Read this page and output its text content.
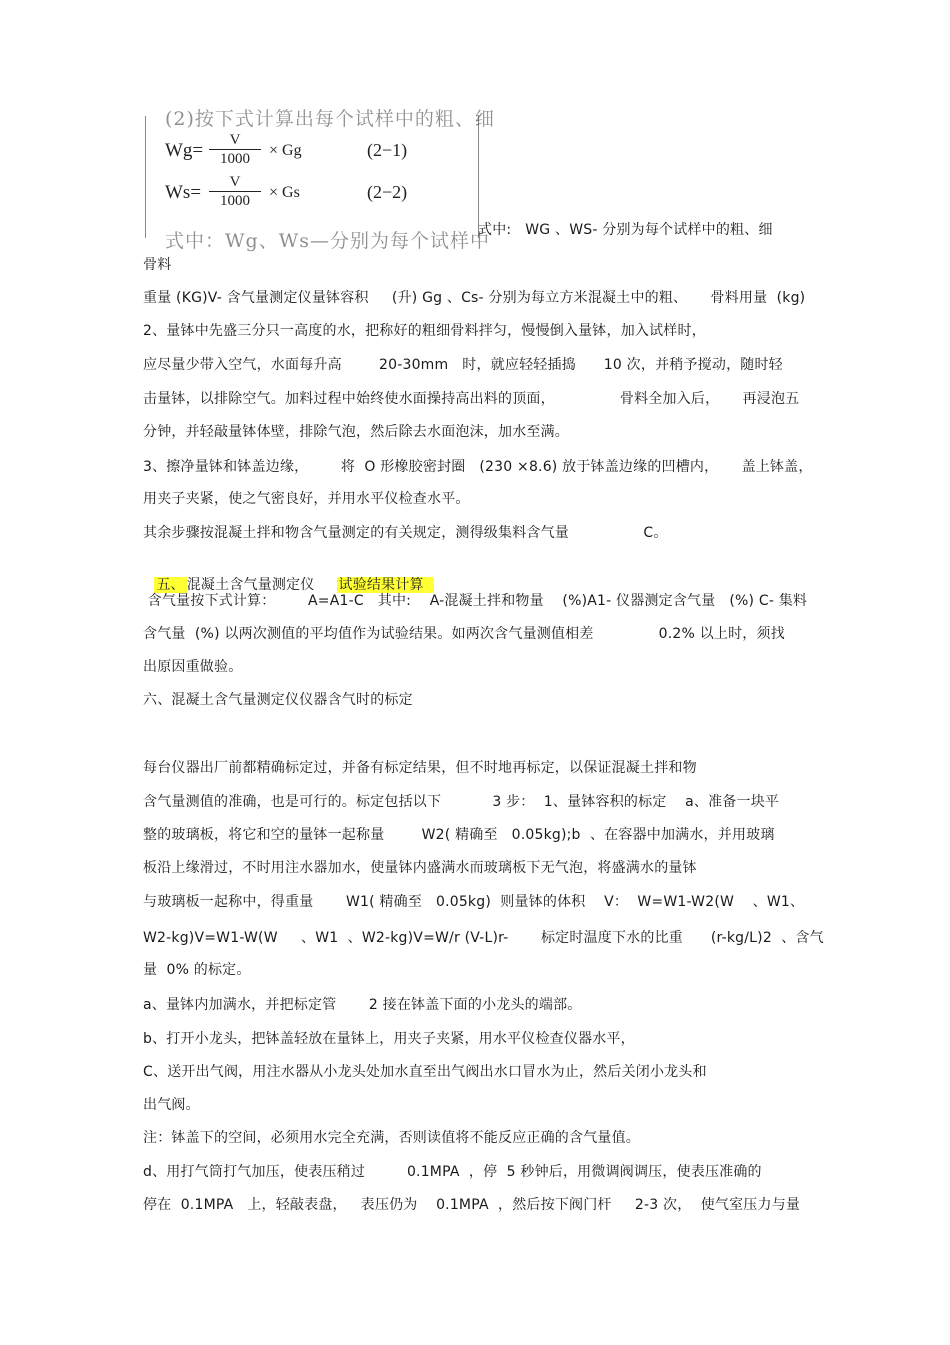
(2)按下式计算出每个试样中的粗、细
Wg=	V
1000	× Gg	(2−1)
Ws=	V
1000	× Gs	(2−2)
式中：Wg、Ws—分别为每个试样中
式中:   WG 、WS- 分别为每个试样中的粗、细
骨料
重量 (KG)V- 含气量测定仪量钵容积     (升) Gg 、Cs- 分别为每立方米混凝土中的粗、     骨料用量  (kg)
2、量钵中先盛三分只一高度的水，把称好的粗细骨料拌匀，慢慢倒入量钵，加入试样时，
应尽量少带入空气，水面每升高        20-30mm   时，就应轻轻插捣      10 次，并稍予搅动，随时轻
击量钵，以排除空气。加料过程中始终使水面操持高出料的顶面，              骨料全加入后，     再浸泡五
分钟，并轻敲量钵体壁，排除气泡，然后除去水面泡沫，加水至满。
3、擦净量钵和钵盖边缘，       将  O 形橡胶密封圈   (230 ×8.6) 放于钵盖边缘的凹槽内，     盖上钵盖，
用夹子夹紧，使之气密良好，并用水平仪检查水平。
其余步骤按混凝土拌和物含气量测定的有关规定，测得级集料含气量                C。

五、 混凝土含气量测定仪 试验结果计算

含气量按下式计算：       A=A1-C   其中:    A-混凝土拌和物量    (%)A1- 仪器测定含气量   (%) C- 集料
含气量  (%) 以两次测值的平均值作为试验结果。如两次含气量测值相差              0.2% 以上时，须找
出原因重做验。
六、混凝土含气量测定仪仪器含气时的标定
每台仪器出厂前都精确标定过，并备有标定结果，但不时地再标定，以保证混凝土拌和物
含气量测值的准确，也是可行的。标定包括以下           3 步：  1、量钵容积的标定    a、准备一块平
整的玻璃板，将它和空的量钵一起称量        W2( 精确至   0.05kg);b  、在容器中加满水，并用玻璃
板沿上缘滑过，不时用注水器加水，使量钵内盛满水而玻璃板下无气泡，将盛满水的量钵
与玻璃板一起称中，得重量       W1( 精确至   0.05kg)  则量钵的体积    V：  W=W1-W2(W    、W1、
W2-kg)V=W1-W(W     、W1  、W2-kg)V=W/r (V-L)r-       标定时温度下水的比重      (r-kg/L)2  、含气
量  0% 的标定。
a、量钵内加满水，并把标定管       2 接在钵盖下面的小龙头的端部。
b、打开小龙头，把钵盖轻放在量钵上，用夹子夹紧，用水平仪检查仪器水平，
C、送开出气阀，用注水器从小龙头处加水直至出气阀出水口冒水为止，然后关闭小龙头和
出气阀。
注：钵盖下的空间，必须用水完全充满，否则读值将不能反应正确的含气量值。
d、用打气筒打气加压，使表压稍过         0.1MPA  ，停  5 秒钟后，用微调阀调压，使表压准确的
停在  0.1MPA   上，轻敲表盘，   表压仍为    0.1MPA  ，然后按下阀门杆     2-3 次，  使气室压力与量
